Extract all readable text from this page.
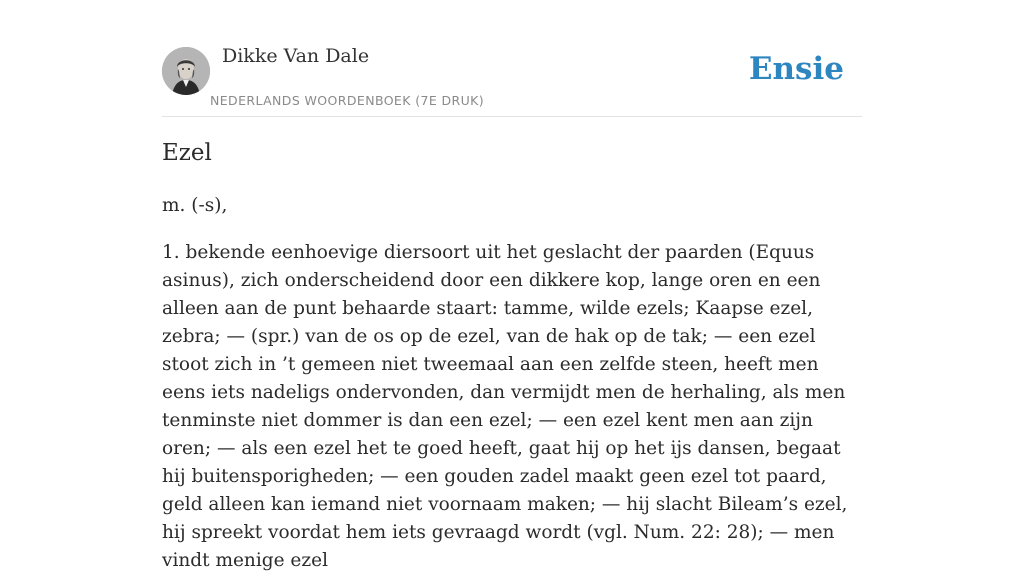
Dikke Van Dale
NEDERLANDS WOORDENBOEK (7E DRUK)
Ensie
Ezel
m. (-s),

1. bekende eenhoevige diersoort uit het geslacht der paarden (Equus asinus), zich onderscheidend door een dikkere kop, lange oren en een alleen aan de punt behaarde staart: tamme, wilde ezels; Kaapse ezel, zebra; — (spr.) van de os op de ezel, van de hak op de tak; — een ezel stoot zich in ’t gemeen niet tweemaal aan een zelfde steen, heeft men eens iets nadeligs ondervonden, dan vermijdt men de herhaling, als men tenminste niet dommer is dan een ezel; — een ezel kent men aan zijn oren; — als een ezel het te goed heeft, gaat hij op het ijs dansen, begaat hij buitensporigheden; — een gouden zadel maakt geen ezel tot paard, geld alleen kan iemand niet voornaam maken; — hij slacht Bileam’s ezel, hij spreekt voordat hem iets gevraagd wordt (vgl. Num. 22: 28); — men vindt menige ezel
